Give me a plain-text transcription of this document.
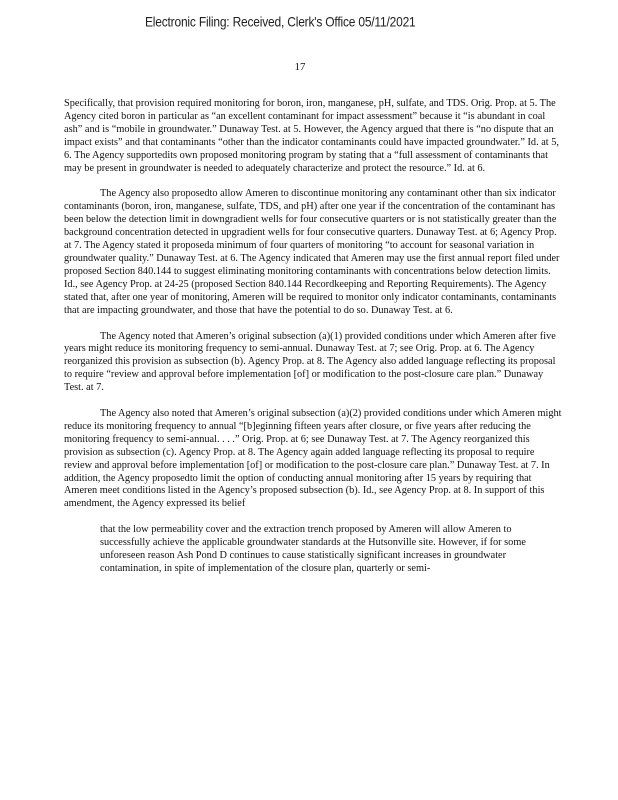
Electronic Filing: Received, Clerk's Office 05/11/2021
17

Specifically, that provision required monitoring for boron, iron, manganese, pH, sulfate, and TDS. Orig. Prop. at 5. The Agency cited boron in particular as “an excellent contaminant for impact assessment” because it “is abundant in coal ash” and is “mobile in groundwater.” Dunaway Test. at 5. However, the Agency argued that there is “no dispute that an impact exists” and that contaminants “other than the indicator contaminants could have impacted groundwater.” Id. at 5, 6. The Agency supportedits own proposed monitoring program by stating that a “full assessment of contaminants that may be present in groundwater is needed to adequately characterize and protect the resource.” Id. at 6.

The Agency also proposedto allow Ameren to discontinue monitoring any contaminant other than six indicator contaminants (boron, iron, manganese, sulfate, TDS, and pH) after one year if the concentration of the contaminant has been below the detection limit in downgradient wells for four consecutive quarters or is not statistically greater than the background concentration detected in upgradient wells for four consecutive quarters. Dunaway Test. at 6; Agency Prop. at 7. The Agency stated it proposeda minimum of four quarters of monitoring “to account for seasonal variation in groundwater quality.” Dunaway Test. at 6. The Agency indicated that Ameren may use the first annual report filed under proposed Section 840.144 to suggest eliminating monitoring contaminants with concentrations below detection limits. Id., see Agency Prop. at 24-25 (proposed Section 840.144 Recordkeeping and Reporting Requirements). The Agency stated that, after one year of monitoring, Ameren will be required to monitor only indicator contaminants, contaminants that are impacting groundwater, and those that have the potential to do so. Dunaway Test. at 6.

The Agency noted that Ameren’s original subsection (a)(1) provided conditions under which Ameren after five years might reduce its monitoring frequency to semi-annual. Dunaway Test. at 7; see Orig. Prop. at 6. The Agency reorganized this provision as subsection (b). Agency Prop. at 8. The Agency also added language reflecting its proposal to require “review and approval before implementation [of] or modification to the post-closure care plan.” Dunaway Test. at 7.

The Agency also noted that Ameren’s original subsection (a)(2) provided conditions under which Ameren might reduce its monitoring frequency to annual “[b]eginning fifteen years after closure, or five years after reducing the monitoring frequency to semi-annual. . . .” Orig. Prop. at 6; see Dunaway Test. at 7. The Agency reorganized this provision as subsection (c). Agency Prop. at 8. The Agency again added language reflecting its proposal to require review and approval before implementation [of] or modification to the post-closure care plan.” Dunaway Test. at 7. In addition, the Agency proposedto limit the option of conducting annual monitoring after 15 years by requiring that Ameren meet conditions listed in the Agency’s proposed subsection (b). Id., see Agency Prop. at 8. In support of this amendment, the Agency expressed its belief

that the low permeability cover and the extraction trench proposed by Ameren will allow Ameren to successfully achieve the applicable groundwater standards at the Hutsonville site. However, if for some unforeseen reason Ash Pond D continues to cause statistically significant increases in groundwater contamination, in spite of implementation of the closure plan, quarterly or semi-
